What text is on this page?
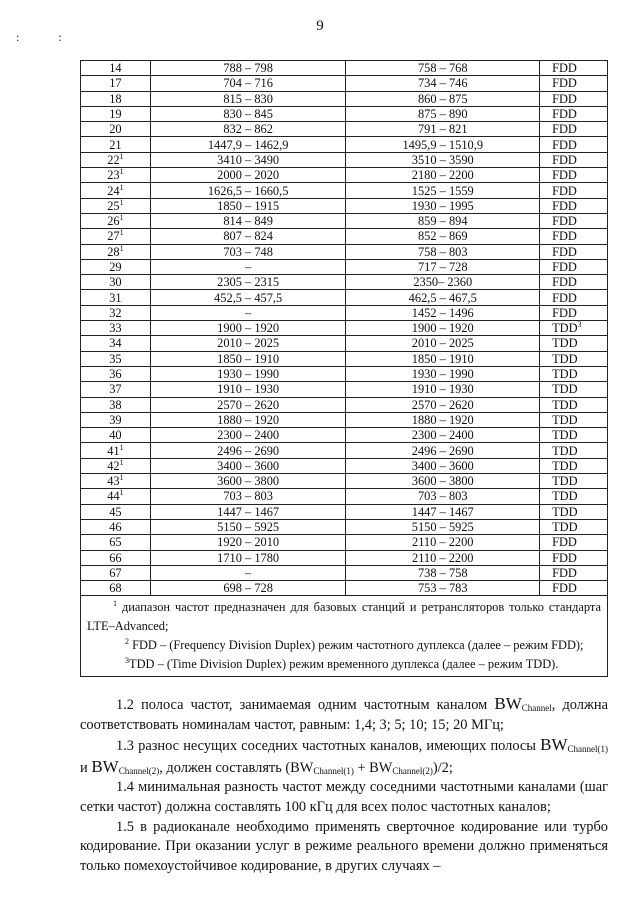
9
: :
14	788 – 798	758 – 768	FDD
17	704 – 716	734 – 746	FDD
18	815 – 830	860 – 875	FDD
19	830 – 845	875 – 890	FDD
20	832 – 862	791 – 821	FDD
21	1447,9 – 1462,9	1495,9 – 1510,9	FDD
$22^1$	3410 – 3490	3510 – 3590	FDD
$23^1$	2000 – 2020	2180 – 2200	FDD
$24^1$	1626,5 – 1660,5	1525 – 1559	FDD
$25^1$	1850 – 1915	1930 – 1995	FDD
$26^1$	814 – 849	859 – 894	FDD
$27^1$	807 – 824	852 – 869	FDD
$28^1$	703 – 748	758 – 803	FDD
29	–	717 – 728	FDD
30	2305 – 2315	2350– 2360	FDD
31	452,5 – 457,5	462,5 – 467,5	FDD
32	–	1452 – 1496	FDD
33	1900 – 1920	1900 – 1920	TDD$^3$
34	2010 – 2025	2010 – 2025	TDD
35	1850 – 1910	1850 – 1910	TDD
36	1930 – 1990	1930 – 1990	TDD
37	1910 – 1930	1910 – 1930	TDD
38	2570 – 2620	2570 – 2620	TDD
39	1880 – 1920	1880 – 1920	TDD
40	2300 – 2400	2300 – 2400	TDD
$41^1$	2496 – 2690	2496 – 2690	TDD
$42^1$	3400 – 3600	3400 – 3600	TDD
$43^1$	3600 – 3800	3600 – 3800	TDD
$44^1$	703 – 803	703 – 803	TDD
45	1447 – 1467	1447 – 1467	TDD
46	5150 – 5925	5150 – 5925	TDD
65	1920 – 2010	2110 – 2200	FDD
66	1710 – 1780	2110 – 2200	FDD
67	–	738 – 758	FDD
68	698 – 728	753 – 783	FDD

$^1$ диапазон частот предназначен для базовых станций и ретрансляторов только стандарта LTE–Advanced;
$^2$ FDD – (Frequency Division Duplex) режим частотного дуплекса (далее – режим FDD);
$^3$TDD – (Time Division Duplex) режим временного дуплекса (далее – режим TDD).			

1.2 полоса частот, занимаемая одним частотным каналом $BW_{Channel}$, должна соответствовать номиналам частот, равным: 1,4; 3; 5; 10; 15; 20 МГц;

1.3 разнос несущих соседних частотных каналов, имеющих полосы $BW_{Channel(1)}$ и $BW_{Channel(2)}$, должен составлять $(BW_{Channel(1)} + BW_{Channel(2)})/2$;

1.4 минимальная разность частот между соседними частотными каналами (шаг сетки частот) должна составлять 100 кГц для всех полос частотных каналов;

1.5 в радиоканале необходимо применять сверточное кодирование или турбо кодирование. При оказании услуг в режиме реального времени должно применяться только помехоустойчивое кодирование, в других случаях –
